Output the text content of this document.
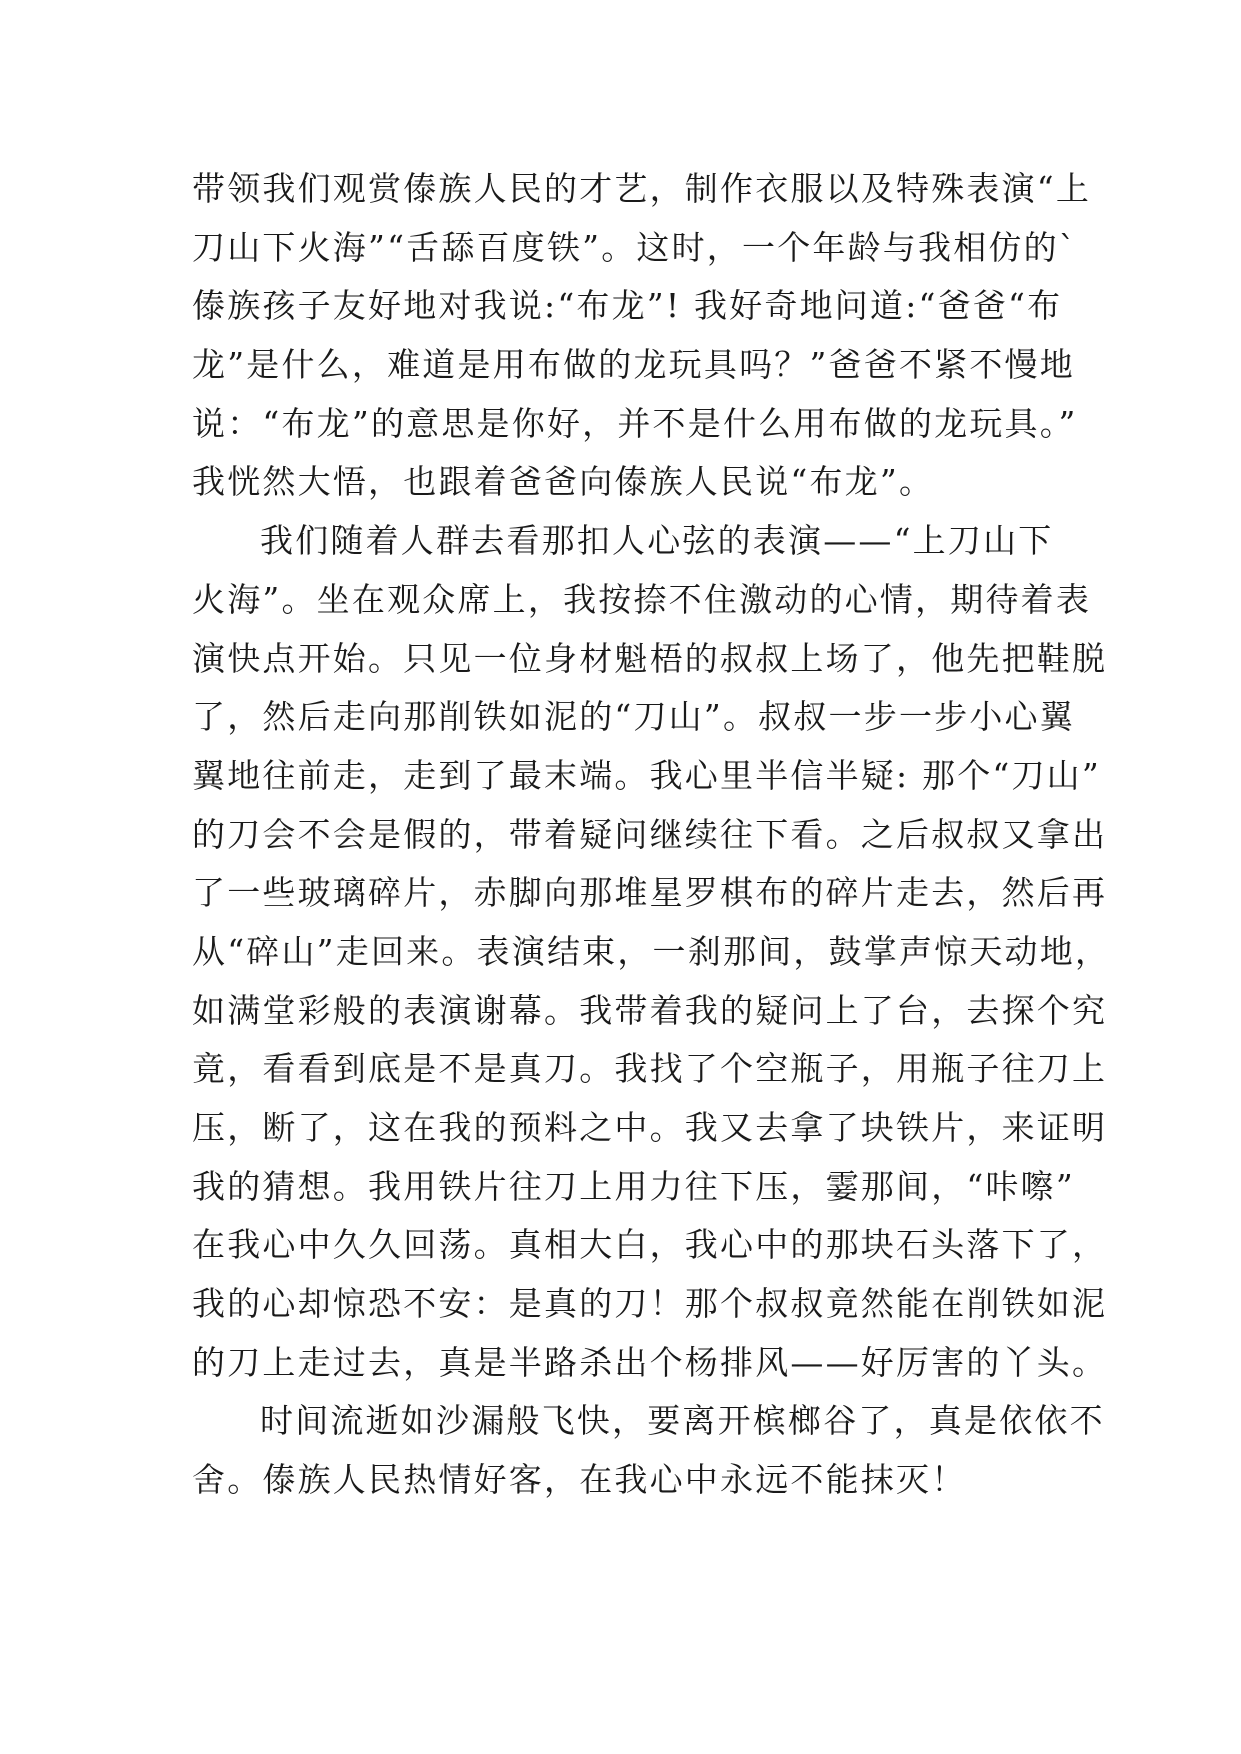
带领我们观赏傣族人民的才艺，制作衣服以及特殊表演“上
刀山下火海”“舌舔百度铁”。这时，一个年龄与我相仿的`
傣族孩子友好地对我说:“布龙”! 我好奇地问道:“爸爸“布
龙”是什么，难道是用布做的龙玩具吗？”爸爸不紧不慢地
说：“布龙”的意思是你好，并不是什么用布做的龙玩具。”
我恍然大悟，也跟着爸爸向傣族人民说“布龙”。
我们随着人群去看那扣人心弦的表演——“上刀山下
火海”。坐在观众席上，我按捺不住激动的心情，期待着表
演快点开始。只见一位身材魁梧的叔叔上场了，他先把鞋脱
了，然后走向那削铁如泥的“刀山”。叔叔一步一步小心翼
翼地往前走，走到了最末端。我心里半信半疑: 那个“刀山”
的刀会不会是假的，带着疑问继续往下看。之后叔叔又拿出
了一些玻璃碎片，赤脚向那堆星罗棋布的碎片走去，然后再
从“碎山”走回来。表演结束，一刹那间，鼓掌声惊天动地，
如满堂彩般的表演谢幕。我带着我的疑问上了台，去探个究
竟，看看到底是不是真刀。我找了个空瓶子，用瓶子往刀上
压，断了，这在我的预料之中。我又去拿了块铁片，来证明
我的猜想。我用铁片往刀上用力往下压，霎那间，“咔嚓”
在我心中久久回荡。真相大白，我心中的那块石头落下了，
我的心却惊恐不安：是真的刀！那个叔叔竟然能在削铁如泥
的刀上走过去，真是半路杀出个杨排风——好厉害的丫头。
时间流逝如沙漏般飞快，要离开槟榔谷了，真是依依不
舍。傣族人民热情好客，在我心中永远不能抹灭！
